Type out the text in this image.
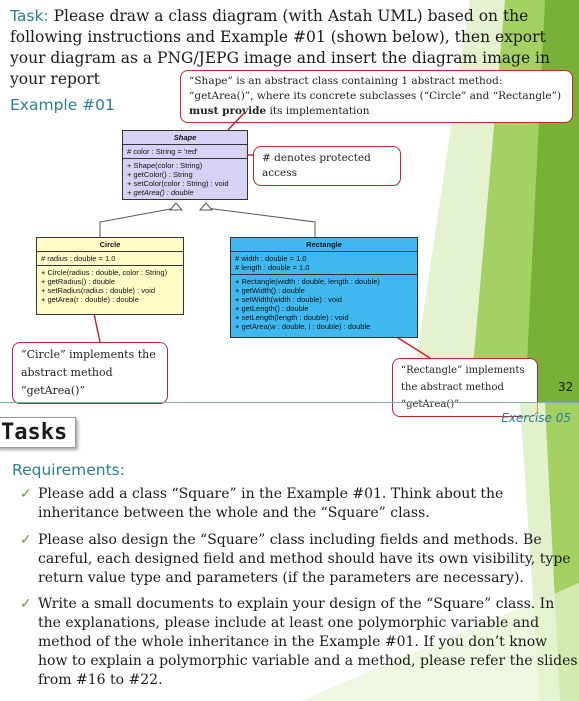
Task: Please draw a class diagram (with Astah UML) based on the following instructions and Example #01 (shown below), then export your diagram as a PNG/JEPG image and insert the diagram image in your report
Example #01
“Shape” is an abstract class containing 1 abstract method: “getArea()”, where its concrete subclasses (“Circle” and “Rectangle”) must provide its implementation
# denotes protected access
Shape
# color : String = 'red'
+ Shape(color : String)
+ getColor() : String
+ setColor(color : String) : void
+ getArea() : double
Circle
# radius : double = 1.0
+ Circle(radius : double, color : String)
+ getRadius() : double
+ setRadius(radius : double) : void
+ getArea(r : double) : double
Rectangle
# width : double = 1.0
# length : double = 1.0
+ Rectangle(width : double, length : double)
+ getWidth() : double
+ setWidth(width : double) : void
+ getLength() : double
+ setLength(length : double) : void
+ getArea(w : double, l : double) : double
“Circle” implements the abstract method “getArea()”
“Rectangle” implements the abstract method “getArea()”
32
Tasks
Exercise 05
Requirements:
✓ Please add a class “Square” in the Example #01. Think about the inheritance between the whole and the “Square” class.
✓ Please also design the “Square” class including fields and methods. Be careful, each designed field and method should have its own visibility, type return value type and parameters (if the parameters are necessary).
✓ Write a small documents to explain your design of the “Square” class. In the explanations, please include at least one polymorphic variable and method of the whole inheritance in the Example #01. If you don’t know how to explain a polymorphic variable and a method, please refer the slides from #16 to #22.
